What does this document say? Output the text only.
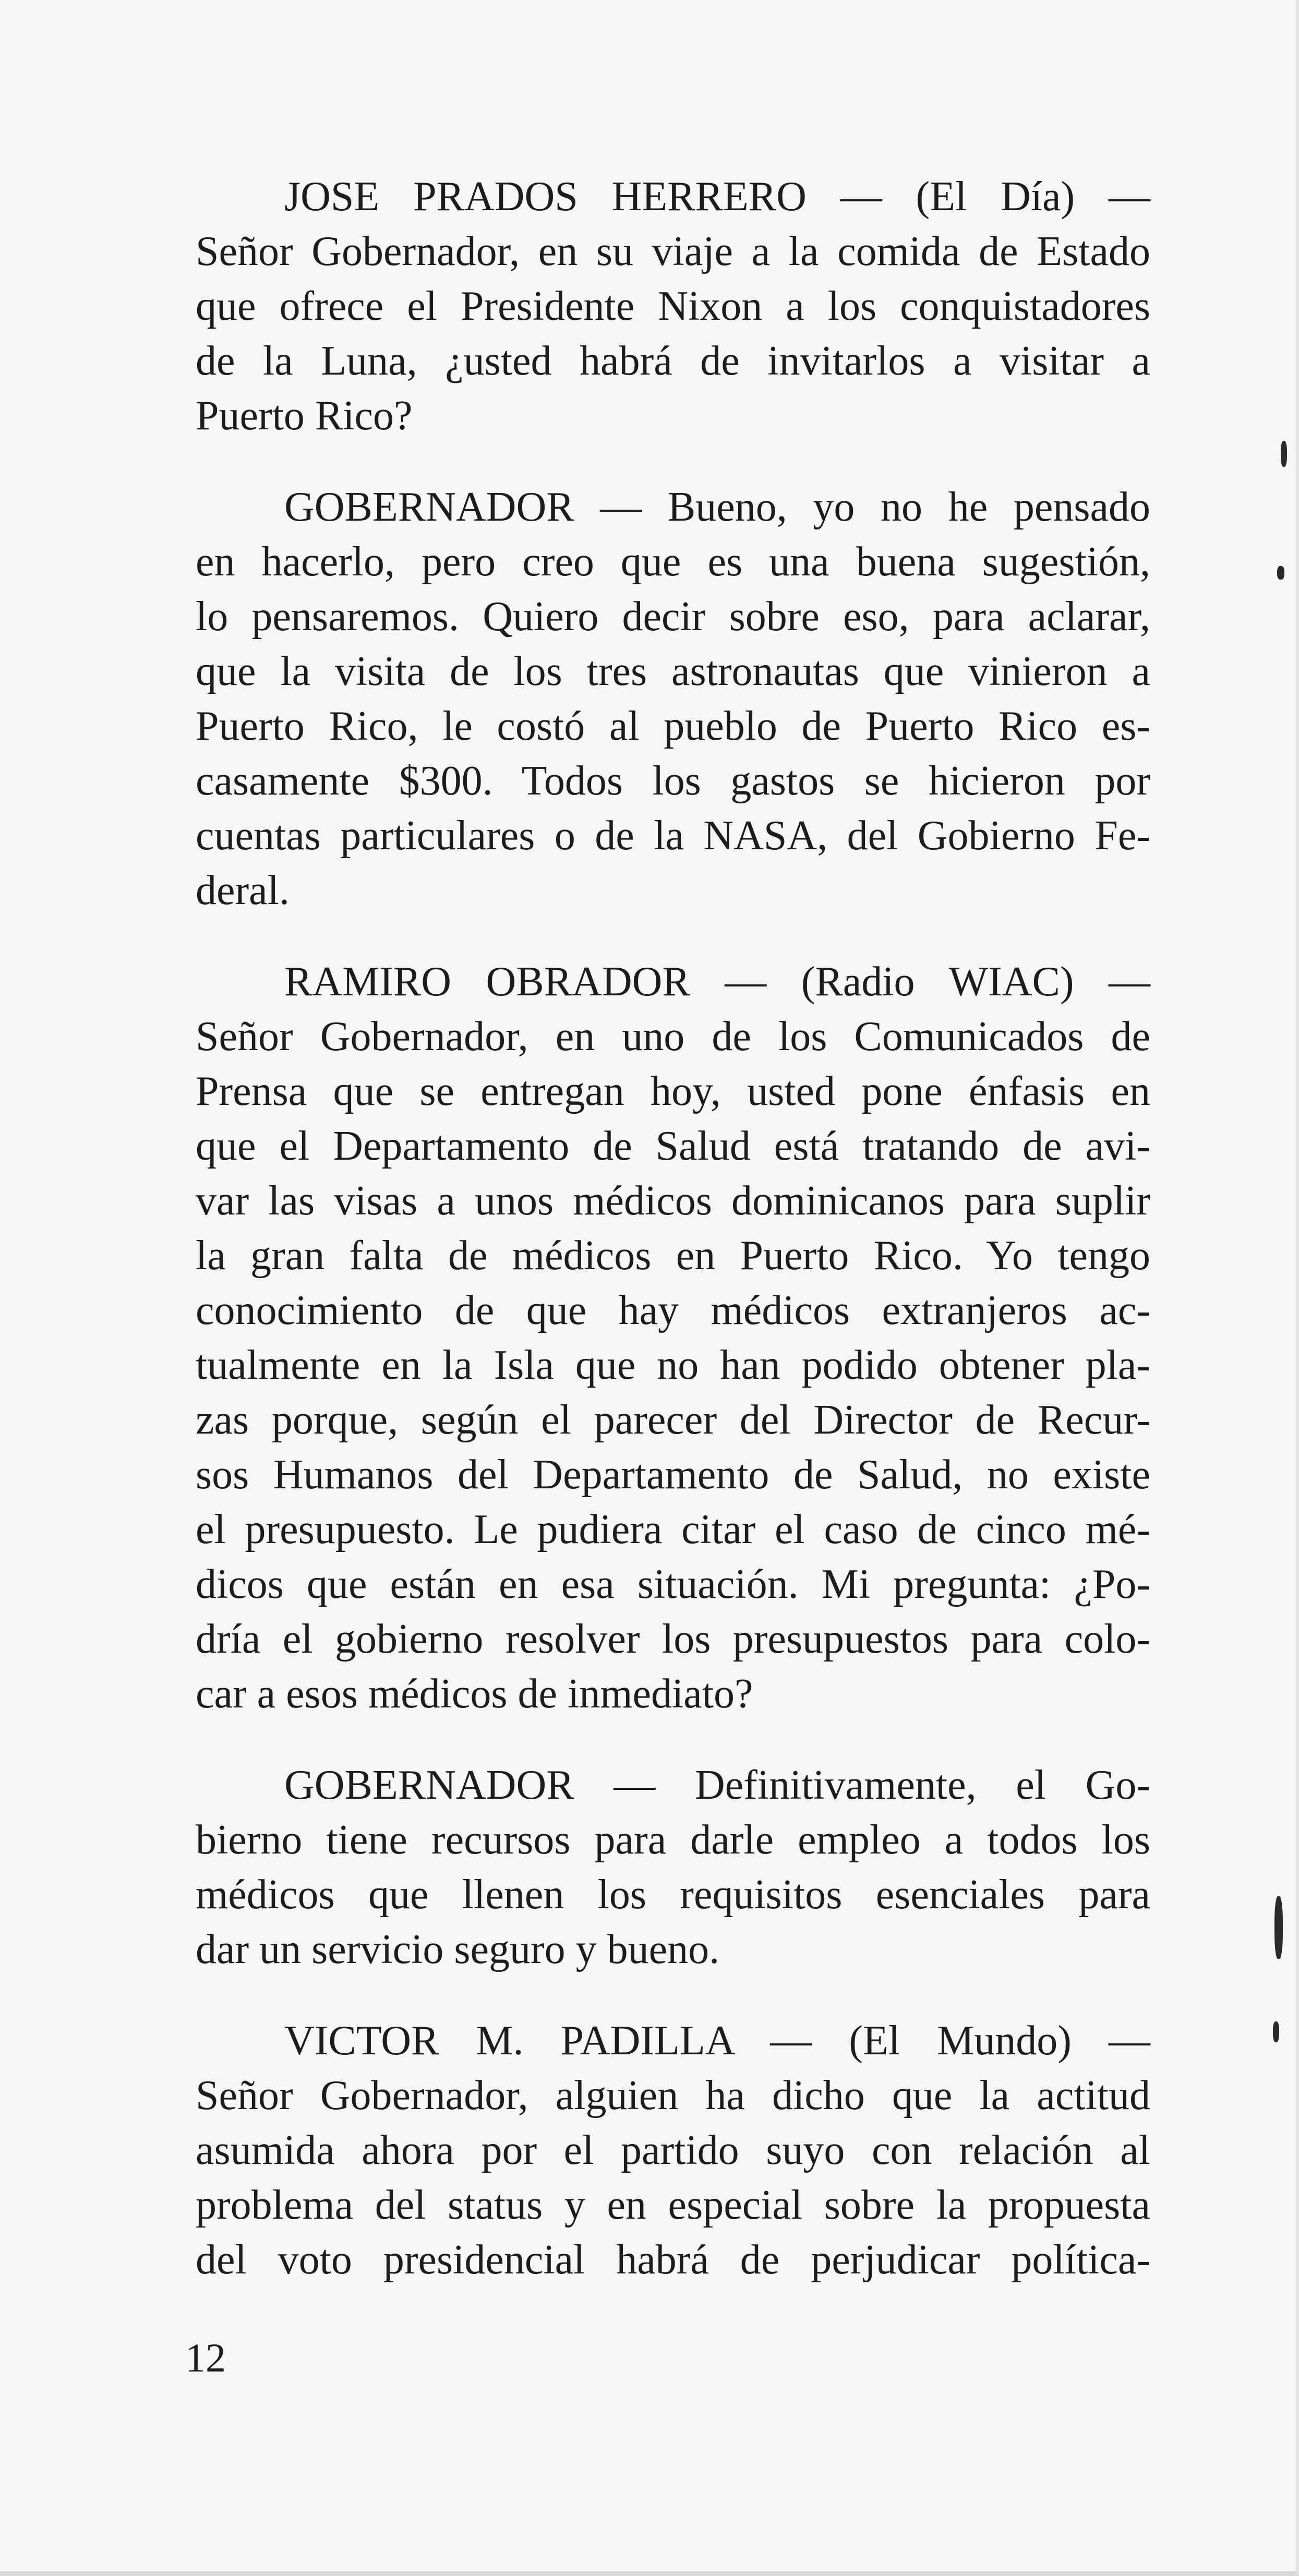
JOSE PRADOS HERRERO — (El Día) —
Señor Gobernador, en su viaje a la comida de Estado
que ofrece el Presidente Nixon a los conquistadores
de la Luna, ¿usted habrá de invitarlos a visitar a
Puerto Rico?

GOBERNADOR — Bueno, yo no he pensado
en hacerlo, pero creo que es una buena sugestión,
lo pensaremos. Quiero decir sobre eso, para aclarar,
que la visita de los tres astronautas que vinieron a
Puerto Rico, le costó al pueblo de Puerto Rico es-
casamente $300. Todos los gastos se hicieron por
cuentas particulares o de la NASA, del Gobierno Fe-
deral.

RAMIRO OBRADOR — (Radio WIAC) —
Señor Gobernador, en uno de los Comunicados de
Prensa que se entregan hoy, usted pone énfasis en
que el Departamento de Salud está tratando de avi-
var las visas a unos médicos dominicanos para suplir
la gran falta de médicos en Puerto Rico. Yo tengo
conocimiento de que hay médicos extranjeros ac-
tualmente en la Isla que no han podido obtener pla-
zas porque, según el parecer del Director de Recur-
sos Humanos del Departamento de Salud, no existe
el presupuesto. Le pudiera citar el caso de cinco mé-
dicos que están en esa situación. Mi pregunta: ¿Po-
dría el gobierno resolver los presupuestos para colo-
car a esos médicos de inmediato?

GOBERNADOR — Definitivamente, el Go-
bierno tiene recursos para darle empleo a todos los
médicos que llenen los requisitos esenciales para
dar un servicio seguro y bueno.

VICTOR M. PADILLA — (El Mundo) —
Señor Gobernador, alguien ha dicho que la actitud
asumida ahora por el partido suyo con relación al
problema del status y en especial sobre la propuesta
del voto presidencial habrá de perjudicar política-

12
